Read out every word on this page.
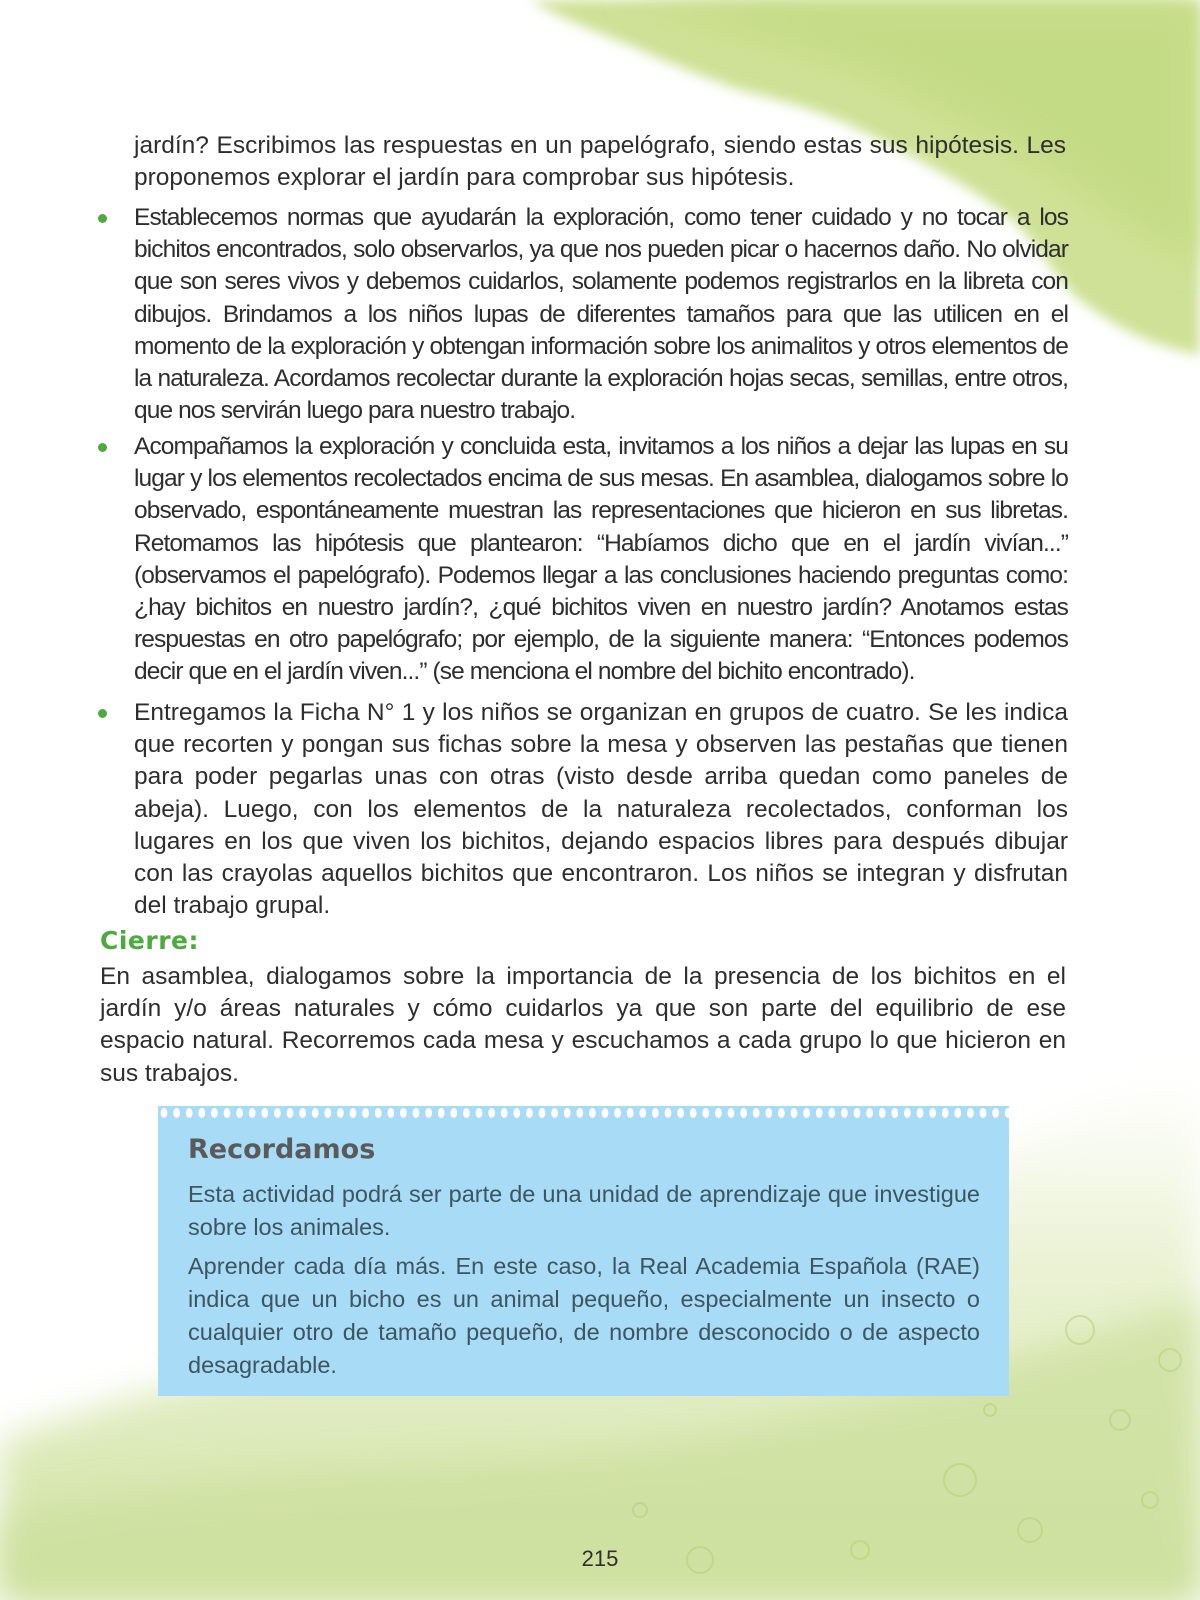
jardín? Escribimos las respuestas en un papelógrafo, siendo estas sus hipótesis. Les proponemos explorar el jardín para comprobar sus hipótesis.

Establecemos normas que ayudarán la exploración, como tener cuidado y no tocar a los bichitos encontrados, solo observarlos, ya que nos pueden picar o hacernos daño. No olvidar que son seres vivos y debemos cuidarlos, solamente podemos registrarlos en la libreta con dibujos. Brindamos a los niños lupas de diferentes tamaños para que las utilicen en el momento de la exploración y obtengan información sobre los animalitos y otros elementos de la naturaleza. Acordamos recolectar durante la exploración hojas secas, semillas, entre otros, que nos servirán luego para nuestro trabajo.

Acompañamos la exploración y concluida esta, invitamos a los niños a dejar las lupas en su lugar y los elementos recolectados encima de sus mesas. En asamblea, dialogamos sobre lo observado, espontáneamente muestran las representaciones que hicieron en sus libretas. Retomamos las hipótesis que plantearon: “Habíamos dicho que en el jardín vivían...” (observamos el papelógrafo). Podemos llegar a las conclusiones haciendo preguntas como: ¿hay bichitos en nuestro jardín?, ¿qué bichitos viven en nuestro jardín? Anotamos estas respuestas en otro papelógrafo; por ejemplo, de la siguiente manera: “Entonces podemos decir que en el jardín viven...” (se menciona el nombre del bichito encontrado).

Entregamos la Ficha N° 1 y los niños se organizan en grupos de cuatro. Se les indica que recorten y pongan sus fichas sobre la mesa y observen las pestañas que tienen para poder pegarlas unas con otras (visto desde arriba quedan como paneles de abeja). Luego, con los elementos de la naturaleza recolectados, conforman los lugares en los que viven los bichitos, dejando espacios libres para después dibujar con las crayolas aquellos bichitos que encontraron. Los niños se integran y disfrutan del trabajo grupal.

Cierre:

En asamblea, dialogamos sobre la importancia de la presencia de los bichitos en el jardín y/o áreas naturales y cómo cuidarlos ya que son parte del equilibrio de ese espacio natural. Recorremos cada mesa y escuchamos a cada grupo lo que hicieron en sus trabajos.

Recordamos

Esta actividad podrá ser parte de una unidad de aprendizaje que investigue sobre los animales.

Aprender cada día más. En este caso, la Real Academia Española (RAE) indica que un bicho es un animal pequeño, especialmente un insecto o cualquier otro de tamaño pequeño, de nombre desconocido o de aspecto desagradable.

215
